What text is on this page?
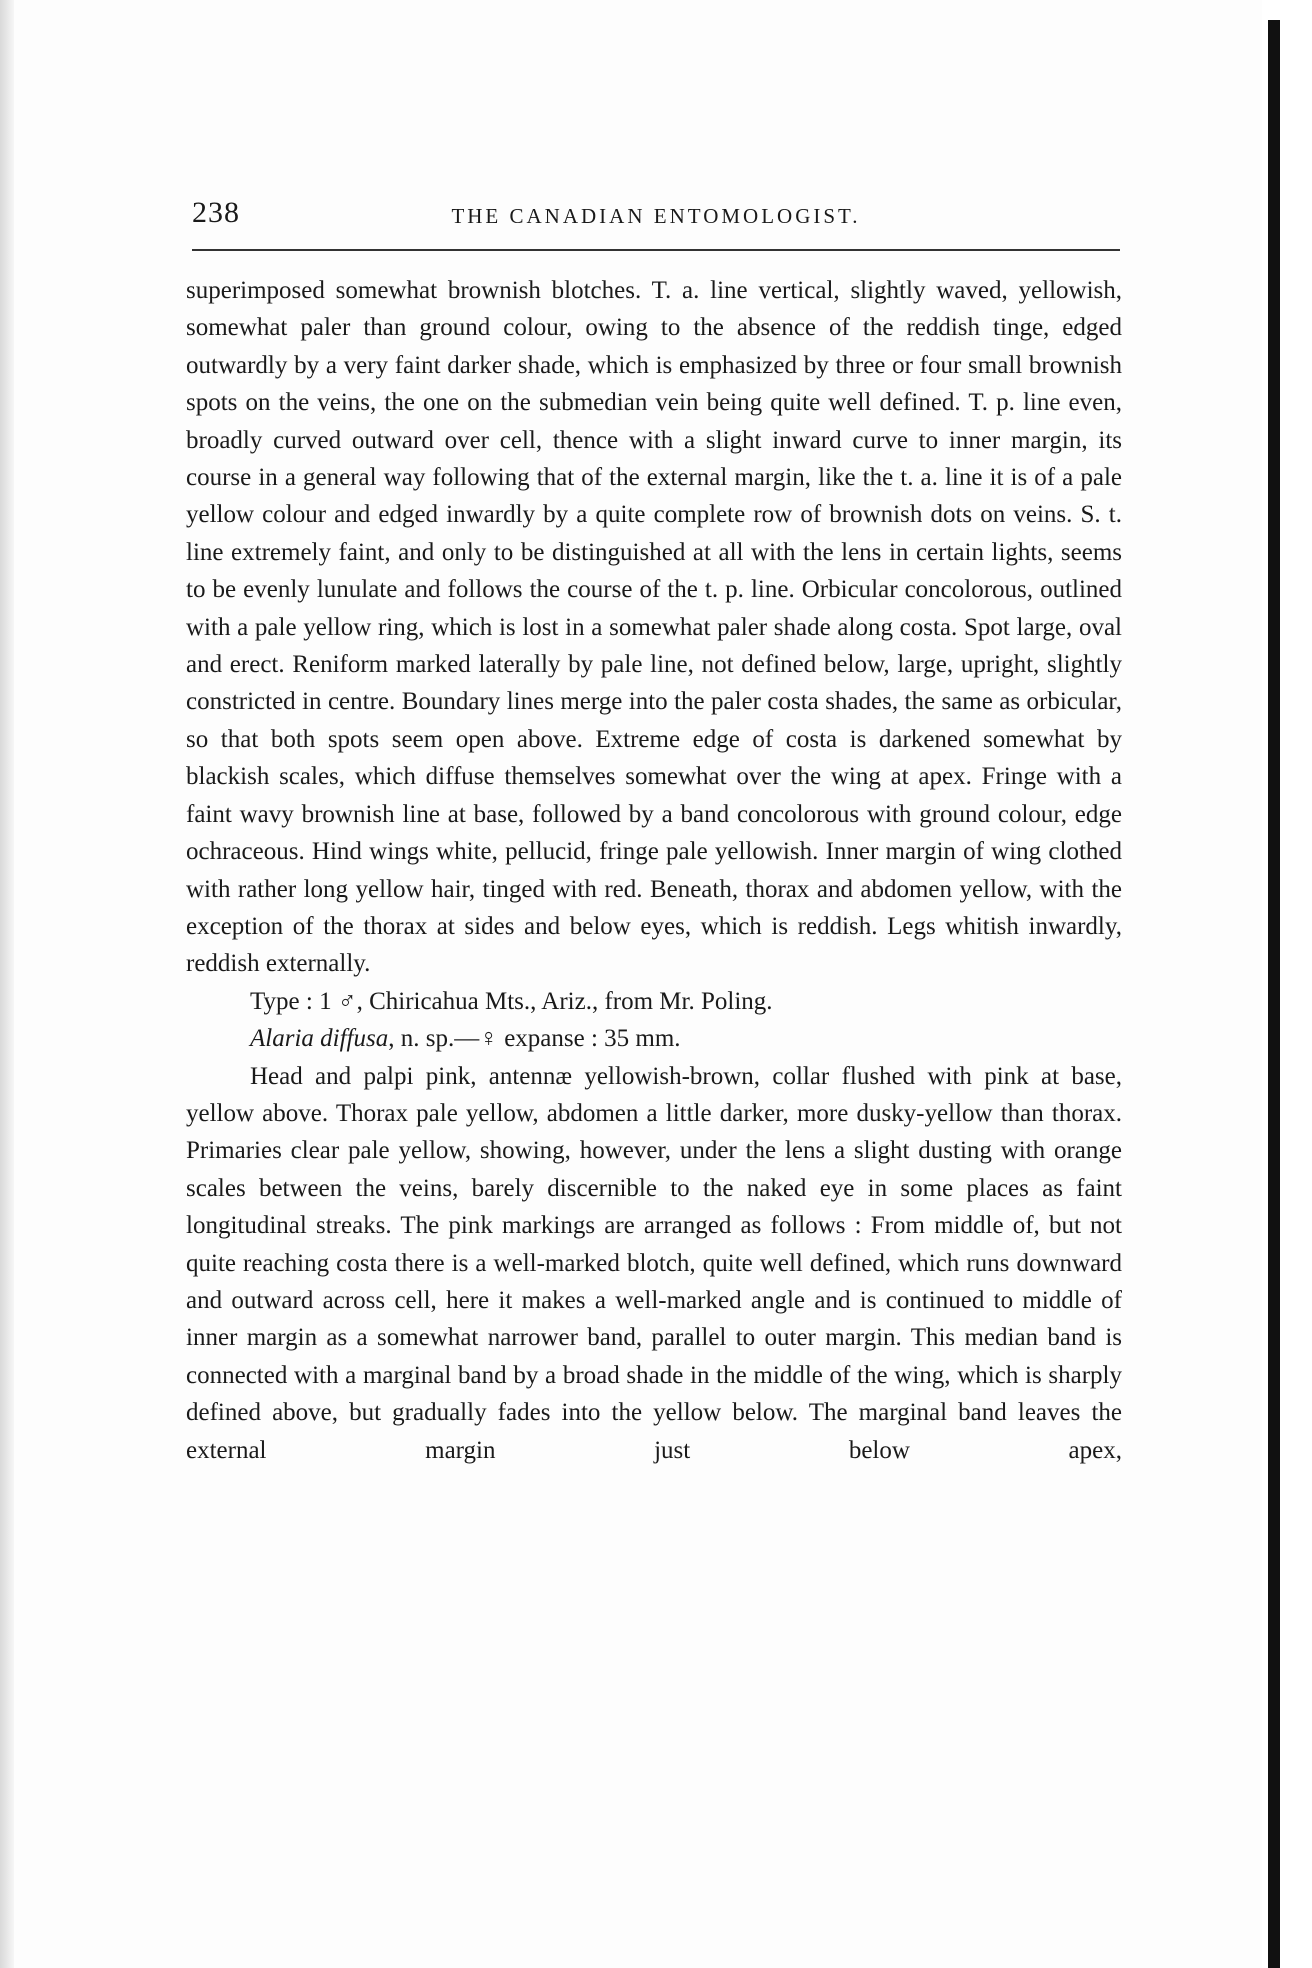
238	THE CANADIAN ENTOMOLOGIST.

superimposed somewhat brownish blotches. T. a. line vertical, slightly waved, yellowish, somewhat paler than ground colour, owing to the absence of the reddish tinge, edged outwardly by a very faint darker shade, which is emphasized by three or four small brownish spots on the veins, the one on the submedian vein being quite well defined. T. p. line even, broadly curved outward over cell, thence with a slight inward curve to inner margin, its course in a general way following that of the external margin, like the t. a. line it is of a pale yellow colour and edged inwardly by a quite complete row of brownish dots on veins. S. t. line extremely faint, and only to be distinguished at all with the lens in certain lights, seems to be evenly lunulate and follows the course of the t. p. line. Orbicular concolorous, outlined with a pale yellow ring, which is lost in a somewhat paler shade along costa. Spot large, oval and erect. Reniform marked laterally by pale line, not defined below, large, upright, slightly constricted in centre. Boundary lines merge into the paler costa shades, the same as orbicular, so that both spots seem open above. Extreme edge of costa is darkened somewhat by blackish scales, which diffuse themselves somewhat over the wing at apex. Fringe with a faint wavy brownish line at base, followed by a band concolorous with ground colour, edge ochraceous. Hind wings white, pellucid, fringe pale yellowish. Inner margin of wing clothed with rather long yellow hair, tinged with red. Beneath, thorax and abdomen yellow, with the exception of the thorax at sides and below eyes, which is reddish. Legs whitish inwardly, reddish externally.

Type : 1 ♂, Chiricahua Mts., Ariz., from Mr. Poling.

Alaria diffusa, n. sp.—♀ expanse : 35 mm.

Head and palpi pink, antennæ yellowish-brown, collar flushed with pink at base, yellow above. Thorax pale yellow, abdomen a little darker, more dusky-yellow than thorax. Primaries clear pale yellow, showing, however, under the lens a slight dusting with orange scales between the veins, barely discernible to the naked eye in some places as faint longitudinal streaks. The pink markings are arranged as follows : From middle of, but not quite reaching costa there is a well-marked blotch, quite well defined, which runs downward and outward across cell, here it makes a well-marked angle and is continued to middle of inner margin as a somewhat narrower band, parallel to outer margin. This median band is connected with a marginal band by a broad shade in the middle of the wing, which is sharply defined above, but gradually fades into the yellow below. The marginal band leaves the external margin just below apex,
